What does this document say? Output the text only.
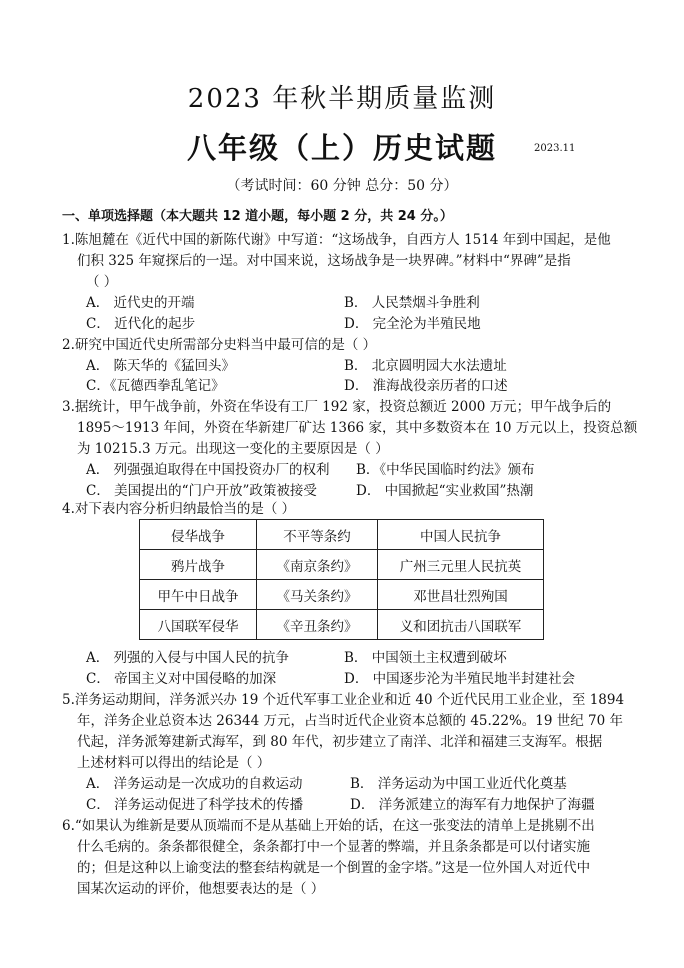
2023 年秋半期质量监测
八年级（上）历史试题	2023.11
（考试时间：60 分钟 总分：50 分）
一、单项选择题（本大题共 12 道小题，每小题 2 分，共 24 分。）
1.陈旭麓在《近代中国的新陈代谢》中写道：“这场战争，自西方人 1514 年到中国起，是他
们积 325 年窥探后的一逞。对中国来说，这场战争是一块界碑。”材料中“界碑”是指
（ ）
A． 近代史的开端	B． 人民禁烟斗争胜利
C． 近代化的起步	D． 完全沦为半殖民地
2.研究中国近代史所需部分史料当中最可信的是（ ）
A． 陈天华的《猛回头》	B． 北京圆明园大水法遗址
C．《瓦德西拳乱笔记》	D． 淮海战役亲历者的口述
3.据统计，甲午战争前，外资在华设有工厂 192 家，投资总额近 2000 万元；甲午战争后的
1895～1913 年间，外资在华新建厂矿达 1366 家，其中多数资本在 10 万元以上，投资总额
为 10215.3 万元。出现这一变化的主要原因是（ ）
A． 列强强迫取得在中国投资办厂的权利 B．《中华民国临时约法》颁布
C． 美国提出的“门户开放”政策被接受	D． 中国掀起“实业救国”热潮
4.对下表内容分析归纳最恰当的是（ ）
侵华战争	不平等条约	中国人民抗争
鸦片战争	《南京条约》	广州三元里人民抗英
甲午中日战争	《马关条约》	邓世昌壮烈殉国
八国联军侵华	《辛丑条约》	义和团抗击八国联军
A． 列强的入侵与中国人民的抗争	B． 中国领土主权遭到破坏
C． 帝国主义对中国侵略的加深	D． 中国逐步沦为半殖民地半封建社会
5.洋务运动期间，洋务派兴办 19 个近代军事工业企业和近 40 个近代民用工业企业，至 1894
年，洋务企业总资本达 26344 万元，占当时近代企业资本总额的 45.22%。19 世纪 70 年
代起，洋务派筹建新式海军，到 80 年代，初步建立了南洋、北洋和福建三支海军。根据
上述材料可以得出的结论是（ ）
A． 洋务运动是一次成功的自救运动	B． 洋务运动为中国工业近代化奠基
C． 洋务运动促进了科学技术的传播	D． 洋务派建立的海军有力地保护了海疆
6.“如果认为维新是要从顶端而不是从基础上开始的话，在这一张变法的清单上是挑剔不出
什么毛病的。条条都很健全，条条都打中一个显著的弊端，并且条条都是可以付诸实施
的；但是这种以上谕变法的整套结构就是一个倒置的金字塔。”这是一位外国人对近代中
国某次运动的评价，他想要表达的是（ ）
